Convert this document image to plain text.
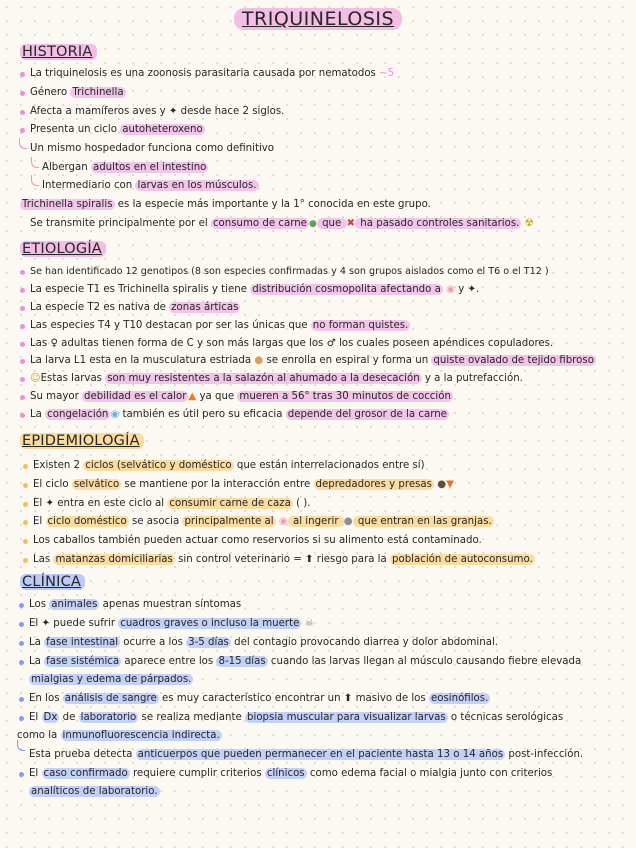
TRIQUINELOSIS
HISTORIA
La triquinelosis es una zoonosis parasitaria causada por nematodos ~5
Género Trichinella
Afecta a mamíferos aves y ✦ desde hace 2 siglos.
Presenta un ciclo autoheteroxeno
Un mismo hospedador funciona como definitivo
Albergan adultos en el intestino
Intermediario con larvas en los músculos.
Trichinella spiralis es la especie más importante y la 1° conocida en este grupo.
Se transmite principalmente por el consumo de carne ● que ✖ ha pasado controles sanitarios. ☢
ETIOLOGÍA
Se han identificado 12 genotipos (8 son especies confirmadas y 4 son grupos aislados como el T6 o el T12 )
La especie T1 es Trichinella spiralis y tiene distribución cosmopolita afectando a ◉ y ✦.
La especie T2 es nativa de zonas árticas
Las especies T4 y T10 destacan por ser las únicas que no forman quistes.
Las ♀ adultas tienen forma de C y son más largas que los ♂ los cuales poseen apéndices copuladores.
La larva L1 esta en la musculatura estriada ● se enrolla en espiral y forma un quiste ovalado de tejido fibroso
☺Estas larvas son muy resistentes a la salazón al ahumado a la desecación y a la putrefacción.
Su mayor debilidad es el calor ▲ ya que mueren a 56° tras 30 minutos de cocción
La congelación ◉ también es útil pero su eficacia depende del grosor de la carne
EPIDEMIOLOGÍA
Existen 2 ciclos (selvático y doméstico que están interrelacionados entre sí)
El ciclo selvático se mantiene por la interacción entre depredadores y presas ●▼
El ✦ entra en este ciclo al consumir carne de caza ( ).
El ciclo doméstico se asocia principalmente al ◉ al ingerir ● que entran en las granjas.
Los caballos también pueden actuar como reservorios si su alimento está contaminado.
Las matanzas domiciliarias sin control veterinario = ⬆ riesgo para la población de autoconsumo.
CLÍNICA
Los animales apenas muestran síntomas
El ✦ puede sufrir cuadros graves o incluso la muerte ☠
La fase intestinal ocurre a los 3-5 días del contagio provocando diarrea y dolor abdominal.
La fase sistémica aparece entre los 8-15 días cuando las larvas llegan al músculo causando fiebre elevada
mialgias y edema de párpados.
En los análisis de sangre es muy característico encontrar un ⬆ masivo de los eosinófilos.
El Dx de laboratorio se realiza mediante biopsia muscular para visualizar larvas o técnicas serológicas
como la inmunofluorescencia indirecta.
Esta prueba detecta anticuerpos que pueden permanecer en el paciente hasta 13 o 14 años post-infección.
El caso confirmado requiere cumplir criterios clínicos como edema facial o mialgia junto con criterios
analíticos de laboratorio.
